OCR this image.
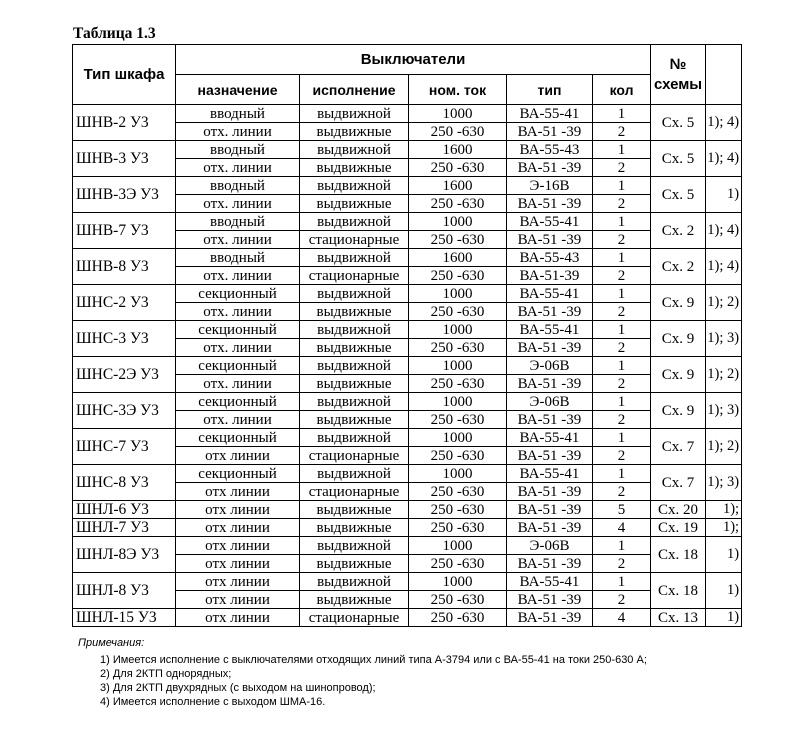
Таблица 1.3
Тип шкафа	Выключатели					№ схемы	
	назначение	исполнение	ном. ток	тип	кол		
ШНВ-2 У3	вводный	выдвижной	1000	ВА-55-41	1	Сх. 5	1); 4)
	отх. линии	выдвижные	250 -630	ВА-51 -39	2		
ШНВ-3 У3	вводный	выдвижной	1600	ВА-55-43	1	Сх. 5	1); 4)
	отх. линии	выдвижные	250 -630	ВА-51 -39	2		
ШНВ-3Э У3	вводный	выдвижной	1600	Э-16В	1	Сх. 5	1)
	отх. линии	выдвижные	250 -630	ВА-51 -39	2		
ШНВ-7 У3	вводный	выдвижной	1000	ВА-55-41	1	Сх. 2	1); 4)
	отх. линии	стационарные	250 -630	ВА-51 -39	2		
ШНВ-8 У3	вводный	выдвижной	1600	ВА-55-43	1	Сх. 2	1); 4)
	отх. линии	стационарные	250 -630	ВА-51-39	2		
ШНС-2 У3	секционный	выдвижной	1000	ВА-55-41	1	Сх. 9	1); 2)
	отх. линии	выдвижные	250 -630	ВА-51 -39	2		
ШНС-3 У3	секционный	выдвижной	1000	ВА-55-41	1	Сх. 9	1); 3)
	отх. линии	выдвижные	250 -630	ВА-51 -39	2		
ШНС-2Э У3	секционный	выдвижной	1000	Э-06В	1	Сх. 9	1); 2)
	отх. линии	выдвижные	250 -630	ВА-51 -39	2		
ШНС-3Э У3	секционный	выдвижной	1000	Э-06В	1	Сх. 9	1); 3)
	отх. линии	выдвижные	250 -630	ВА-51 -39	2		
ШНС-7 У3	секционный	выдвижной	1000	ВА-55-41	1	Сх. 7	1); 2)
	отх линии	стационарные	250 -630	ВА-51 -39	2		
ШНС-8 У3	секционный	выдвижной	1000	ВА-55-41	1	Сх. 7	1); 3)
	отх линии	стационарные	250 -630	ВА-51 -39	2		
ШНЛ-6 У3	отх линии	выдвижные	250 -630	ВА-51 -39	5	Сх. 20	1);
ШНЛ-7 У3	отх линии	выдвижные	250 -630	ВА-51 -39	4	Сх. 19	1);
ШНЛ-8Э У3	отх линии	выдвижной	1000	Э-06В	1	Сх. 18	1)
	отх линии	выдвижные	250 -630	ВА-51 -39	2		
ШНЛ-8 У3	отх линии	выдвижной	1000	ВА-55-41	1	Сх. 18	1)
	отх линии	выдвижные	250 -630	ВА-51 -39	2		
ШНЛ-15 У3	отх линии	стационарные	250 -630	ВА-51 -39	4	Сх. 13	1)
Примечания:
1) Имеется исполнение с выключателями отходящих линий типа А-3794 или с ВА-55-41 на токи 250-630 А;
2) Для 2КТП однорядных;
3) Для 2КТП двухрядных (с выходом на шинопровод);
4) Имеется исполнение с выходом ШМА-16.
